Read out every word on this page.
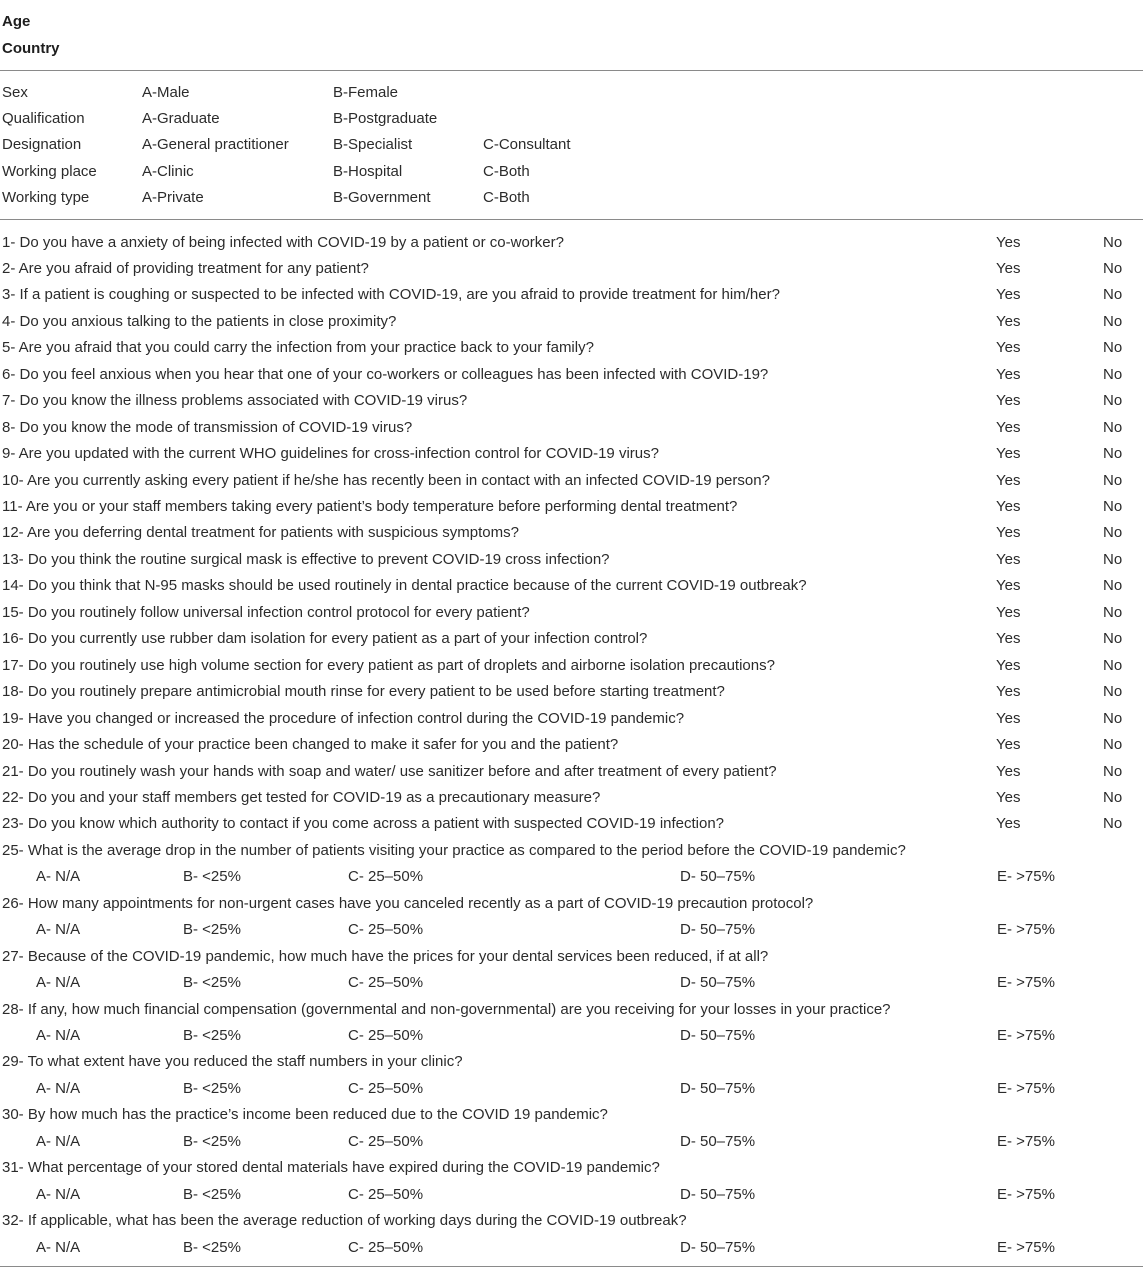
Age
Country
Sex	A-Male	B-Female
Qualification	A-Graduate	B-Postgraduate
Designation	A-General practitioner	B-Specialist	C-Consultant
Working place	A-Clinic	B-Hospital	C-Both
Working type	A-Private	B-Government	C-Both
1- Do you have a anxiety of being infected with COVID-19 by a patient or co-worker?	Yes	No
2- Are you afraid of providing treatment for any patient?	Yes	No
3- If a patient is coughing or suspected to be infected with COVID-19, are you afraid to provide treatment for him/her?	Yes	No
4- Do you anxious talking to the patients in close proximity?	Yes	No
5- Are you afraid that you could carry the infection from your practice back to your family?	Yes	No
6- Do you feel anxious when you hear that one of your co-workers or colleagues has been infected with COVID-19?	Yes	No
7- Do you know the illness problems associated with COVID-19 virus?	Yes	No
8- Do you know the mode of transmission of COVID-19 virus?	Yes	No
9- Are you updated with the current WHO guidelines for cross-infection control for COVID-19 virus?	Yes	No
10- Are you currently asking every patient if he/she has recently been in contact with an infected COVID-19 person?	Yes	No
11- Are you or your staff members taking every patient’s body temperature before performing dental treatment?	Yes	No
12- Are you deferring dental treatment for patients with suspicious symptoms?	Yes	No
13- Do you think the routine surgical mask is effective to prevent COVID-19 cross infection?	Yes	No
14- Do you think that N-95 masks should be used routinely in dental practice because of the current COVID-19 outbreak?	Yes	No
15- Do you routinely follow universal infection control protocol for every patient?	Yes	No
16- Do you currently use rubber dam isolation for every patient as a part of your infection control?	Yes	No
17- Do you routinely use high volume section for every patient as part of droplets and airborne isolation precautions?	Yes	No
18- Do you routinely prepare antimicrobial mouth rinse for every patient to be used before starting treatment?	Yes	No
19- Have you changed or increased the procedure of infection control during the COVID-19 pandemic?	Yes	No
20- Has the schedule of your practice been changed to make it safer for you and the patient?	Yes	No
21- Do you routinely wash your hands with soap and water/ use sanitizer before and after treatment of every patient?	Yes	No
22- Do you and your staff members get tested for COVID-19 as a precautionary measure?	Yes	No
23- Do you know which authority to contact if you come across a patient with suspected COVID-19 infection?	Yes	No
25- What is the average drop in the number of patients visiting your practice as compared to the period before the COVID-19 pandemic?
A- N/A	B- <25%	C- 25–50%	D- 50–75%	E- >75%
26- How many appointments for non-urgent cases have you canceled recently as a part of COVID-19 precaution protocol?
A- N/A	B- <25%	C- 25–50%	D- 50–75%	E- >75%
27- Because of the COVID-19 pandemic, how much have the prices for your dental services been reduced, if at all?
A- N/A	B- <25%	C- 25–50%	D- 50–75%	E- >75%
28- If any, how much financial compensation (governmental and non-governmental) are you receiving for your losses in your practice?
A- N/A	B- <25%	C- 25–50%	D- 50–75%	E- >75%
29- To what extent have you reduced the staff numbers in your clinic?
A- N/A	B- <25%	C- 25–50%	D- 50–75%	E- >75%
30- By how much has the practice’s income been reduced due to the COVID 19 pandemic?
A- N/A	B- <25%	C- 25–50%	D- 50–75%	E- >75%
31- What percentage of your stored dental materials have expired during the COVID-19 pandemic?
A- N/A	B- <25%	C- 25–50%	D- 50–75%	E- >75%
32- If applicable, what has been the average reduction of working days during the COVID-19 outbreak?
A- N/A	B- <25%	C- 25–50%	D- 50–75%	E- >75%
